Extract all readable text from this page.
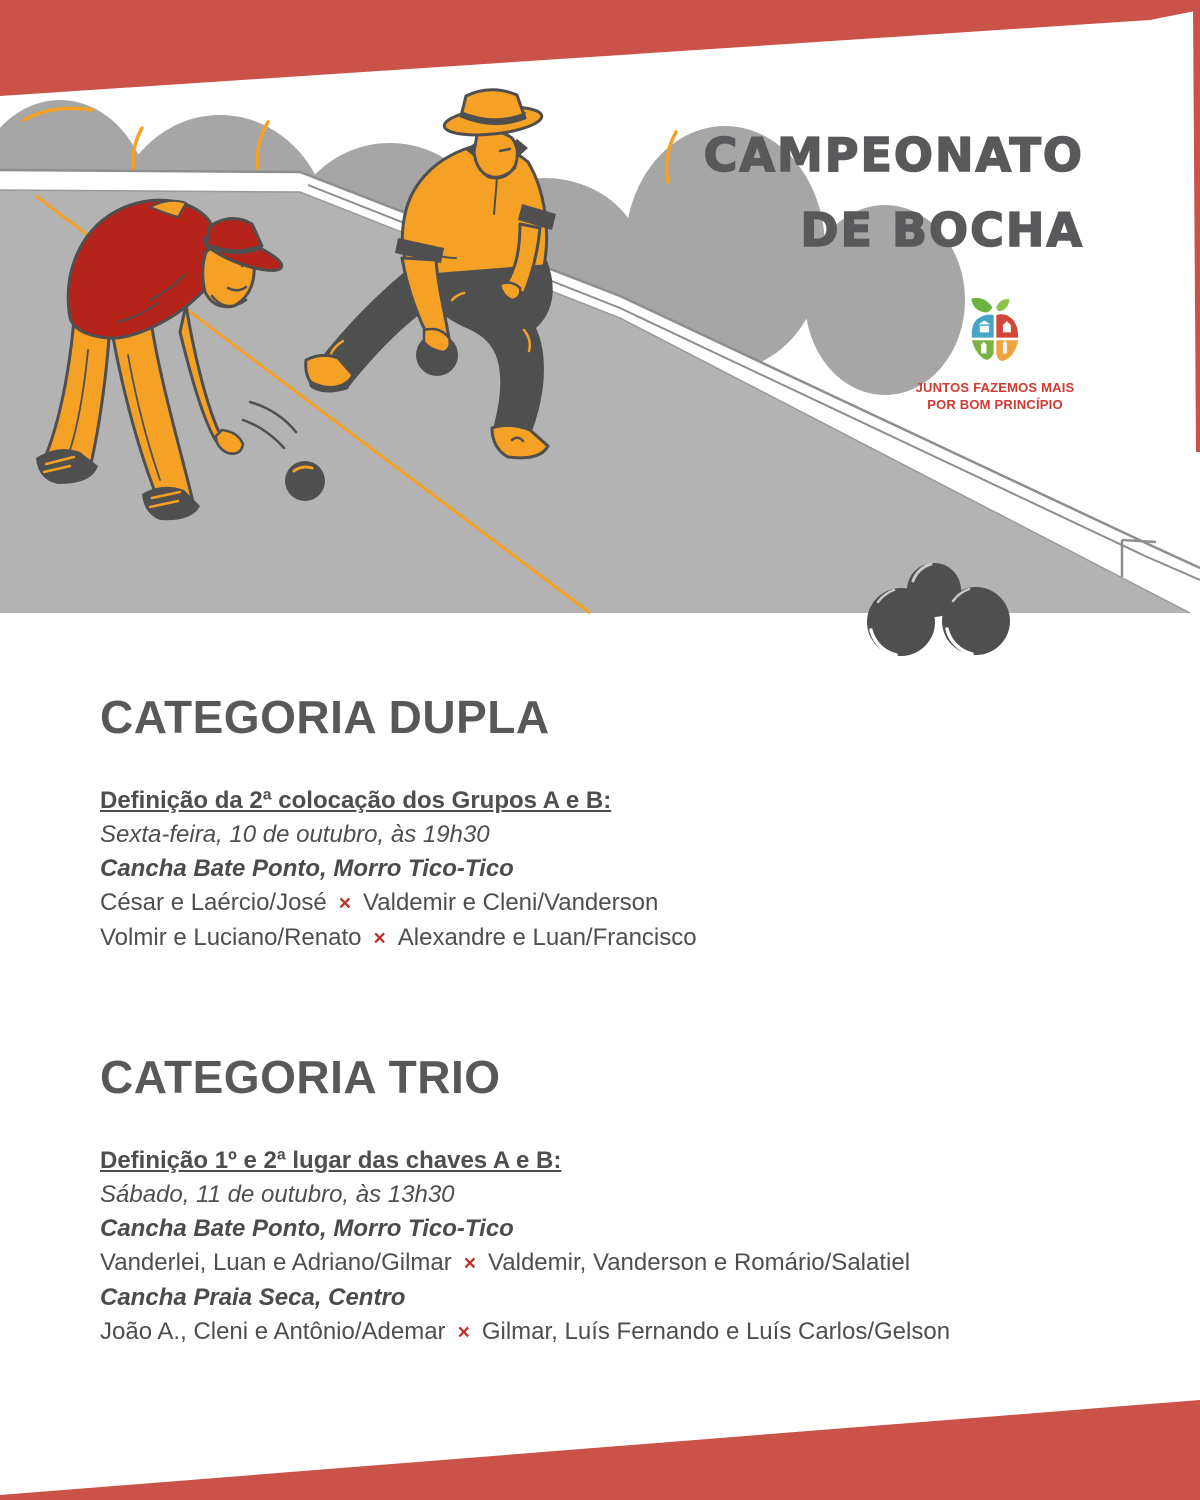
CAMPEONATO
DE BOCHA
JUNTOS FAZEMOS MAIS
POR BOM PRINCÍPIO
CATEGORIA DUPLA
Definição da 2ª colocação dos Grupos A e B:
Sexta-feira, 10 de outubro, às 19h30
Cancha Bate Ponto, Morro Tico-Tico
César e Laércio/José × Valdemir e Cleni/Vanderson
Volmir e Luciano/Renato × Alexandre e Luan/Francisco
CATEGORIA TRIO
Definição 1º e 2ª lugar das chaves A e B:
Sábado, 11 de outubro, às 13h30
Cancha Bate Ponto, Morro Tico-Tico
Vanderlei, Luan e Adriano/Gilmar × Valdemir, Vanderson e Romário/Salatiel
Cancha Praia Seca, Centro
João A., Cleni e Antônio/Ademar × Gilmar, Luís Fernando e Luís Carlos/Gelson
